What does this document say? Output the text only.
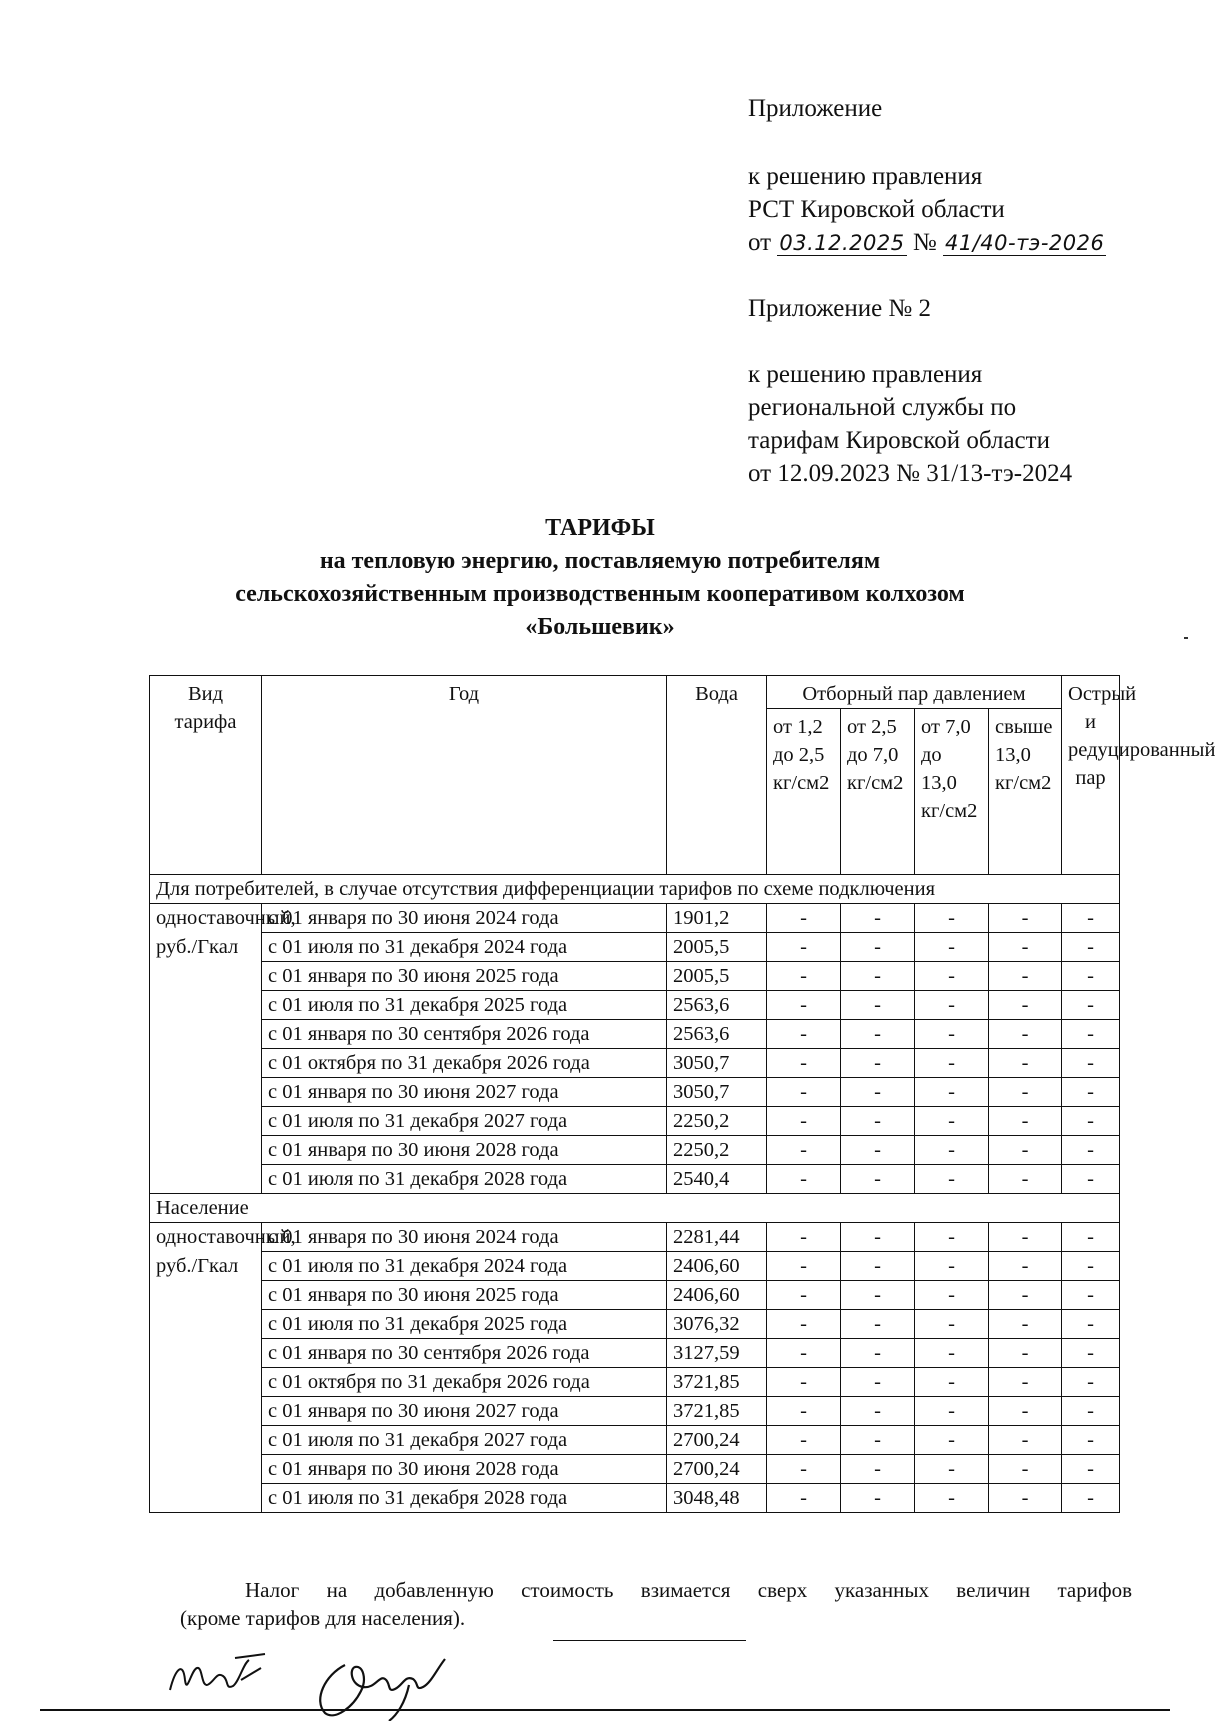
Приложение
к решению правления
РСТ Кировской области
от 03.12.2025 № 41/40-тэ-2026
Приложение № 2
к решению правления
региональной службы по
тарифам Кировской области
от 12.09.2023 № 31/13-тэ-2024
ТАРИФЫ
на тепловую энергию, поставляемую потребителям
сельскохозяйственным производственным кооперативом колхозом
«Большевик»
Вид тарифа	Год	Вода	Отборный пар давлением				Острый и редуцированный пар
			от 1,2 до 2,5 кг/см2	от 2,5 до 7,0 кг/см2	от 7,0 до 13,0 кг/см2	свыше 13,0 кг/см2	
Для потребителей, в случае отсутствия дифференциации тарифов по схеме подключения							
одноставочный, руб./Гкал	с 01 января по 30 июня 2024 года	1901,2	-	-	-	-	-
	с 01 июля по 31 декабря 2024 года	2005,5	-	-	-	-	-
	с 01 января по 30 июня 2025 года	2005,5	-	-	-	-	-
	с 01 июля по 31 декабря 2025 года	2563,6	-	-	-	-	-
	с 01 января по 30 сентября 2026 года	2563,6	-	-	-	-	-
	с 01 октября по 31 декабря 2026 года	3050,7	-	-	-	-	-
	с 01 января по 30 июня 2027 года	3050,7	-	-	-	-	-
	с 01 июля по 31 декабря 2027 года	2250,2	-	-	-	-	-
	с 01 января по 30 июня 2028 года	2250,2	-	-	-	-	-
	с 01 июля по 31 декабря 2028 года	2540,4	-	-	-	-	-
Население							
одноставочный, руб./Гкал	с 01 января по 30 июня 2024 года	2281,44	-	-	-	-	-
	с 01 июля по 31 декабря 2024 года	2406,60	-	-	-	-	-
	с 01 января по 30 июня 2025 года	2406,60	-	-	-	-	-
	с 01 июля по 31 декабря 2025 года	3076,32	-	-	-	-	-
	с 01 января по 30 сентября 2026 года	3127,59	-	-	-	-	-
	с 01 октября по 31 декабря 2026 года	3721,85	-	-	-	-	-
	с 01 января по 30 июня 2027 года	3721,85	-	-	-	-	-
	с 01 июля по 31 декабря 2027 года	2700,24	-	-	-	-	-
	с 01 января по 30 июня 2028 года	2700,24	-	-	-	-	-
	с 01 июля по 31 декабря 2028 года	3048,48	-	-	-	-	-
Налог на добавленную стоимость взимается сверх указанных величин тарифов
(кроме тарифов для населения).
